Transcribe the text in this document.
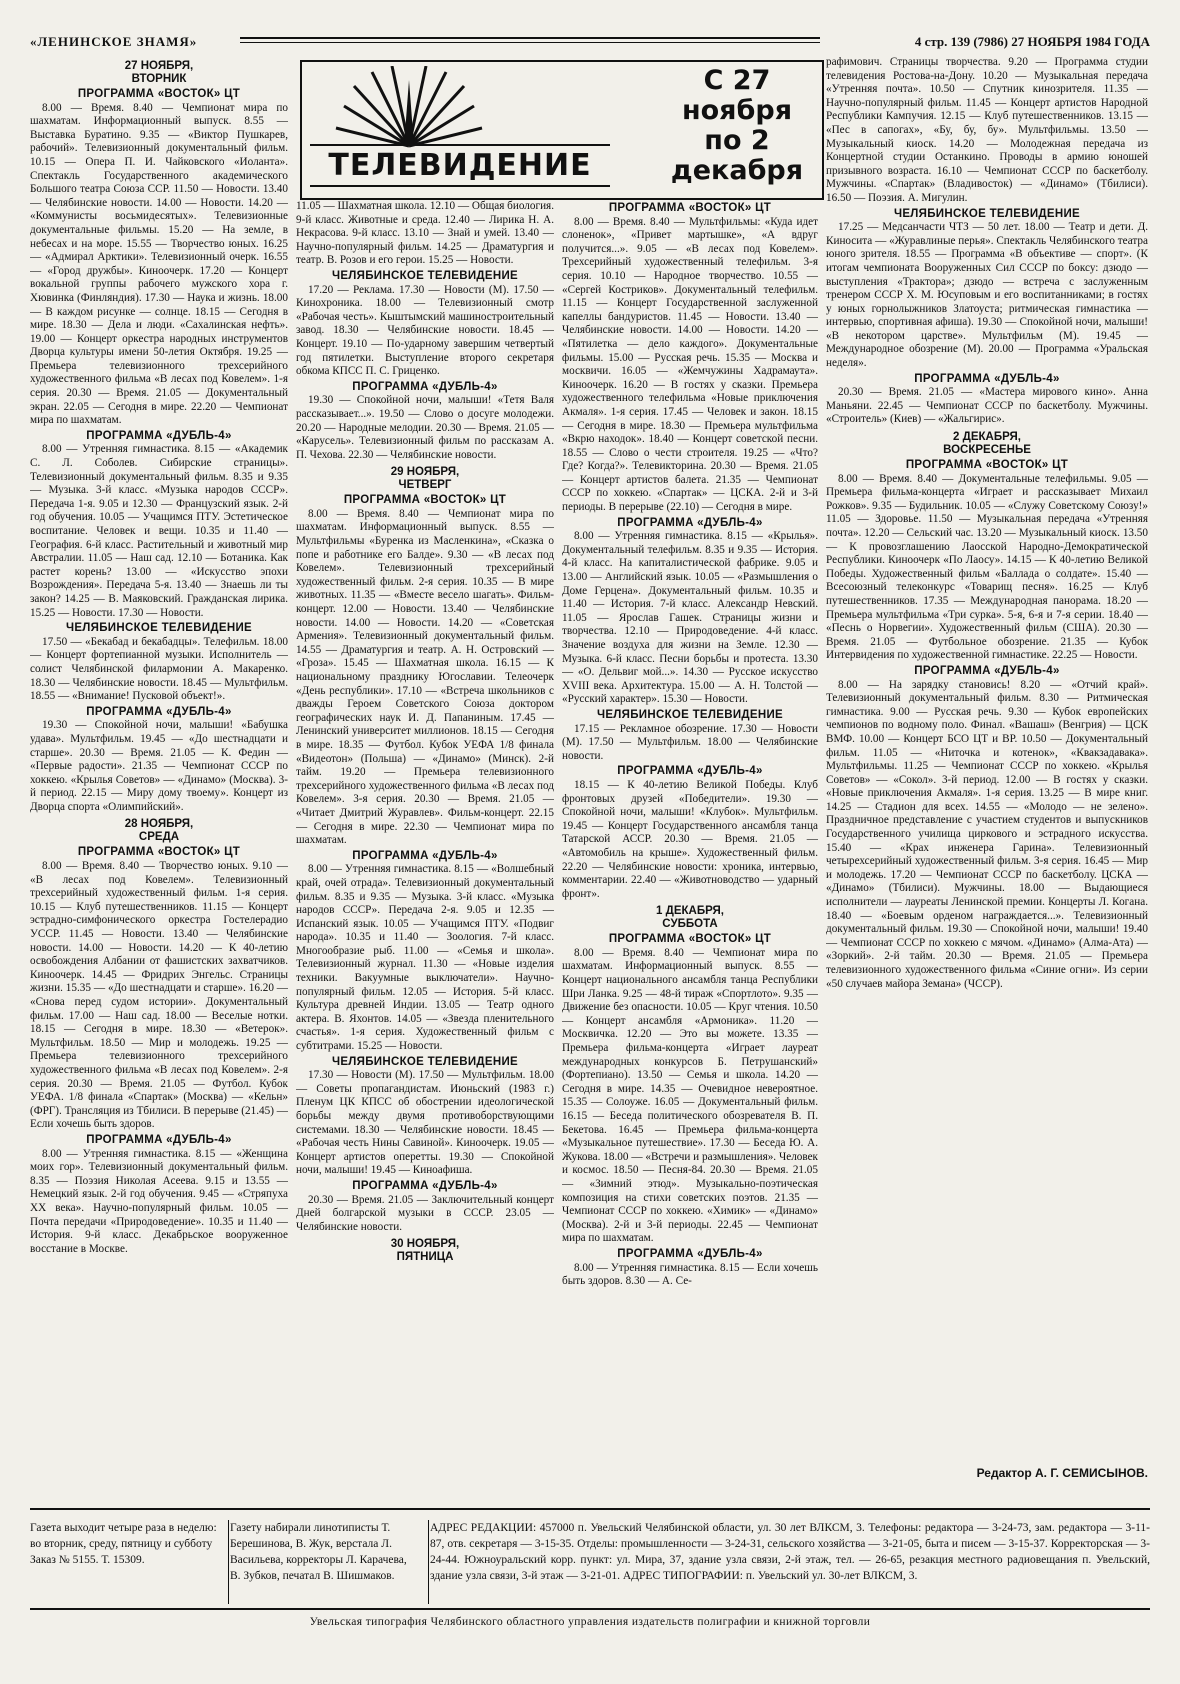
«ЛЕНИНСКОЕ ЗНАМЯ»	4 стр. 139 (7986) 27 НОЯБРЯ 1984 ГОДА
ТЕЛЕВИДЕНИЕ
С 27
ноября
по 2
декабря
27 НОЯБРЯ,
ВТОРНИК
ПРОГРАММА «ВОСТОК» ЦТ

8.00 — Время. 8.40 — Чемпионат мира по шахматам. Информационный выпуск. 8.55 — Выставка Буратино. 9.35 — «Виктор Пушкарев, рабочий». Телевизионный документальный фильм. 10.15 — Опера П. И. Чайковского «Иоланта». Спектакль Государственного академического Большого театра Союза ССР. 11.50 — Новости. 13.40 — Челябинские новости. 14.00 — Новости. 14.20 — «Коммунисты восьмидесятых». Телевизионные документальные фильмы. 15.20 — На земле, в небесах и на море. 15.55 — Творчество юных. 16.25 — «Адмирал Арктики». Телевизионный очерк. 16.55 — «Город дружбы». Киноочерк. 17.20 — Концерт вокальной группы рабочего мужского хора г. Хювинка (Финляндия). 17.30 — Наука и жизнь. 18.00 — В каждом рисунке — солнце. 18.15 — Сегодня в мире. 18.30 — Дела и люди. «Сахалинская нефть». 19.00 — Концерт оркестра народных инструментов Дворца культуры имени 50-летия Октября. 19.25 — Премьера телевизионного трехсерийного художественного фильма «В лесах под Ковелем». 1-я серия. 20.30 — Время. 21.05 — Документальный экран. 22.05 — Сегодня в мире. 22.20 — Чемпионат мира по шахматам.

ПРОГРАММА «ДУБЛЬ-4»

8.00 — Утренняя гимнастика. 8.15 — «Академик С. Л. Соболев. Сибирские страницы». Телевизионный документальный фильм. 8.35 и 9.35 — Музыка. 3-й класс. «Музыка народов СССР». Передача 1-я. 9.05 и 12.30 — Французский язык. 2-й год обучения. 10.05 — Учащимся ПТУ. Эстетическое воспитание. Человек и вещи. 10.35 и 11.40 — География. 6-й класс. Растительный и животный мир Австралии. 11.05 — Наш сад. 12.10 — Ботаника. Как растет корень? 13.00 — «Искусство эпохи Возрождения». Передача 5-я. 13.40 — Знаешь ли ты закон? 14.25 — В. Маяковский. Гражданская лирика. 15.25 — Новости. 17.30 — Новости.

ЧЕЛЯБИНСКОЕ ТЕЛЕВИДЕНИЕ

17.50 — «Бекабад и бекабадцы». Телефильм. 18.00 — Концерт фортепианной музыки. Исполнитель — солист Челябинской филармонии А. Макаренко. 18.30 — Челябинские новости. 18.45 — Мультфильм. 18.55 — «Внимание! Пусковой объект!».

ПРОГРАММА «ДУБЛЬ-4»

19.30 — Спокойной ночи, малыши! «Бабушка удава». Мультфильм. 19.45 — «До шестнадцати и старше». 20.30 — Время. 21.05 — К. Федин — «Первые радости». 21.35 — Чемпионат СССР по хоккею. «Крылья Советов» — «Динамо» (Москва). 3-й период. 22.15 — Миру дому твоему». Концерт из Дворца спорта «Олимпийский».

28 НОЯБРЯ,
СРЕДА
ПРОГРАММА «ВОСТОК» ЦТ

8.00 — Время. 8.40 — Творчество юных. 9.10 — «В лесах под Ковелем». Телевизионный трехсерийный художественный фильм. 1-я серия. 10.15 — Клуб путешественников. 11.15 — Концерт эстрадно-симфонического оркестра Гостелерадио УССР. 11.45 — Новости. 13.40 — Челябинские новости. 14.00 — Новости. 14.20 — К 40-летию освобождения Албании от фашистских захватчиков. Киноочерк. 14.45 — Фридрих Энгельс. Страницы жизни. 15.35 — «До шестнадцати и старше». 16.20 — «Снова перед судом истории». Документальный фильм. 17.00 — Наш сад. 18.00 — Веселые нотки. 18.15 — Сегодня в мире. 18.30 — «Ветерок». Мультфильм. 18.50 — Мир и молодежь. 19.25 — Премьера телевизионного трехсерийного художественного фильма «В лесах под Ковелем». 2-я серия. 20.30 — Время. 21.05 — Футбол. Кубок УЕФА. 1/8 финала «Спартак» (Москва) — «Кельн» (ФРГ). Трансляция из Тбилиси. В перерыве (21.45) — Если хочешь быть здоров.

ПРОГРАММА «ДУБЛЬ-4»

8.00 — Утренняя гимнастика. 8.15 — «Женщина моих гор». Телевизионный документальный фильм. 8.35 — Поэзия Николая Асеева. 9.15 и 13.55 — Немецкий язык. 2-й год обучения. 9.45 — «Стряпуха XX века». Научно-популярный фильм. 10.05 — Почта передачи «Природоведение». 10.35 и 11.40 — История. 9-й класс. Декабрьское вооруженное восстание в Москве.

11.05 — Шахматная школа. 12.10 — Общая биология. 9-й класс. Животные и среда. 12.40 — Лирика Н. А. Некрасова. 9-й класс. 13.10 — Знай и умей. 13.40 — Научно-популярный фильм. 14.25 — Драматургия и театр. В. Розов и его герои. 15.25 — Новости.

ЧЕЛЯБИНСКОЕ ТЕЛЕВИДЕНИЕ

17.20 — Реклама. 17.30 — Новости (М). 17.50 — Кинохроника. 18.00 — Телевизионный смотр «Рабочая честь». Кыштымский машиностроительный завод. 18.30 — Челябинские новости. 18.45 — Концерт. 19.10 — По-ударному завершим четвертый год пятилетки. Выступление второго секретаря обкома КПСС П. С. Гриценко.

ПРОГРАММА «ДУБЛЬ-4»

19.30 — Спокойной ночи, малыши! «Тетя Валя рассказывает...». 19.50 — Слово о досуге молодежи. 20.20 — Народные мелодии. 20.30 — Время. 21.05 — «Карусель». Телевизионный фильм по рассказам А. П. Чехова. 22.30 — Челябинские новости.

29 НОЯБРЯ,
ЧЕТВЕРГ
ПРОГРАММА «ВОСТОК» ЦТ

8.00 — Время. 8.40 — Чемпионат мира по шахматам. Информационный выпуск. 8.55 — Мультфильмы «Буренка из Масленкина», «Сказка о попе и работнике его Балде». 9.30 — «В лесах под Ковелем». Телевизионный трехсерийный художественный фильм. 2-я серия. 10.35 — В мире животных. 11.35 — «Вместе весело шагать». Фильм-концерт. 12.00 — Новости. 13.40 — Челябинские новости. 14.00 — Новости. 14.20 — «Советская Армения». Телевизионный документальный фильм. 14.55 — Драматургия и театр. А. Н. Островский — «Гроза». 15.45 — Шахматная школа. 16.15 — К национальному празднику Югославии. Телеочерк «День республики». 17.10 — «Встреча школьников с дважды Героем Советского Союза доктором географических наук И. Д. Папаниным. 17.45 — Ленинский университет миллионов. 18.15 — Сегодня в мире. 18.35 — Футбол. Кубок УЕФА 1/8 финала «Видеотон» (Польша) — «Динамо» (Минск). 2-й тайм. 19.20 — Премьера телевизионного трехсерийного художественного фильма «В лесах под Ковелем». 3-я серия. 20.30 — Время. 21.05 — «Читает Дмитрий Журавлев». Фильм-концерт. 22.15 — Сегодня в мире. 22.30 — Чемпионат мира по шахматам.

ПРОГРАММА «ДУБЛЬ-4»

8.00 — Утренняя гимнастика. 8.15 — «Волшебный край, очей отрада». Телевизионный документальный фильм. 8.35 и 9.35 — Музыка. 3-й класс. «Музыка народов СССР». Передача 2-я. 9.05 и 12.35 — Испанский язык. 10.05 — Учащимся ПТУ. «Подвиг народа». 10.35 и 11.40 — Зоология. 7-й класс. Многообразие рыб. 11.00 — «Семья и школа». Телевизионный журнал. 11.30 — «Новые изделия техники. Вакуумные выключатели». Научно-популярный фильм. 12.05 — История. 5-й класс. Культура древней Индии. 13.05 — Театр одного актера. В. Яхонтов. 14.05 — «Звезда пленительного счастья». 1-я серия. Художественный фильм с субтитрами. 15.25 — Новости.

ЧЕЛЯБИНСКОЕ ТЕЛЕВИДЕНИЕ

17.30 — Новости (М). 17.50 — Мультфильм. 18.00 — Советы пропагандистам. Июньский (1983 г.) Пленум ЦК КПСС об обострении идеологической борьбы между двумя противоборствующими системами. 18.30 — Челябинские новости. 18.45 — «Рабочая честь Нины Савиной». Киноочерк. 19.05 — Концерт артистов оперетты. 19.30 — Спокойной ночи, малыши! 19.45 — Киноафиша.

ПРОГРАММА «ДУБЛЬ-4»

20.30 — Время. 21.05 — Заключительный концерт Дней болгарской музыки в СССР. 23.05 — Челябинские новости.

30 НОЯБРЯ,
ПЯТНИЦА
ПРОГРАММА «ВОСТОК» ЦТ

8.00 — Время. 8.40 — Мультфильмы: «Куда идет слоненок», «Привет мартышке», «А вдруг получится...». 9.05 — «В лесах под Ковелем». Трехсерийный художественный телефильм. 3-я серия. 10.10 — Народное творчество. 10.55 — «Сергей Костриков». Документальный телефильм. 11.15 — Концерт Государственной заслуженной капеллы бандуристов. 11.45 — Новости. 13.40 — Челябинские новости. 14.00 — Новости. 14.20 — «Пятилетка — дело каждого». Документальные фильмы. 15.00 — Русская речь. 15.35 — Москва и москвичи. 16.05 — «Жемчужины Хадрамаута». Киноочерк. 16.20 — В гостях у сказки. Премьера художественного телефильма «Новые приключения Акмаля». 1-я серия. 17.45 — Человек и закон. 18.15 — Сегодня в мире. 18.30 — Премьера мультфильма «Вкрю находок». 18.40 — Концерт советской песни. 18.55 — Слово о чести строителя. 19.25 — «Что? Где? Когда?». Телевикторина. 20.30 — Время. 21.05 — Концерт артистов балета. 21.35 — Чемпионат СССР по хоккею. «Спартак» — ЦСКА. 2-й и 3-й периоды. В перерыве (22.10) — Сегодня в мире.

ПРОГРАММА «ДУБЛЬ-4»

8.00 — Утренняя гимнастика. 8.15 — «Крылья». Документальный телефильм. 8.35 и 9.35 — История. 4-й класс. На капиталистической фабрике. 9.05 и 13.00 — Английский язык. 10.05 — «Размышления о Доме Герцена». Документальный фильм. 10.35 и 11.40 — История. 7-й класс. Александр Невский. 11.05 — Ярослав Гашек. Страницы жизни и творчества. 12.10 — Природоведение. 4-й класс. Значение воздуха для жизни на Земле. 12.30 — Музыка. 6-й класс. Песни борьбы и протеста. 13.30 — «О. Дельвиг мой...». 14.30 — Русское искусство XVIII века. Архитектура. 15.00 — А. Н. Толстой — «Русский характер». 15.30 — Новости.

ЧЕЛЯБИНСКОЕ ТЕЛЕВИДЕНИЕ

17.15 — Рекламное обозрение. 17.30 — Новости (М). 17.50 — Мультфильм. 18.00 — Челябинские новости.

ПРОГРАММА «ДУБЛЬ-4»

18.15 — К 40-летию Великой Победы. Клуб фронтовых друзей «Победители». 19.30 — Спокойной ночи, малыши! «Клубок». Мультфильм. 19.45 — Концерт Государственного ансамбля танца Татарской АССР. 20.30 — Время. 21.05 — «Автомобиль на крыше». Художественный фильм. 22.20 — Челябинские новости: хроника, интервью, комментарии. 22.40 — «Животноводство — ударный фронт».

1 ДЕКАБРЯ,
СУББОТА
ПРОГРАММА «ВОСТОК» ЦТ

8.00 — Время. 8.40 — Чемпионат мира по шахматам. Информационный выпуск. 8.55 — Концерт национального ансамбля танца Республики Шри Ланка. 9.25 — 48-й тираж «Спортлото». 9.35 — Движение без опасности. 10.05 — Круг чтения. 10.50 — Концерт ансамбля «Армоника». 11.20 — Москвичка. 12.20 — Это вы можете. 13.35 — Премьера фильма-концерта «Играет лауреат международных конкурсов Б. Петрушанский» (Фортепиано). 13.50 — Семья и школа. 14.20 — Сегодня в мире. 14.35 — Очевидное невероятное. 15.35 — Солоуже. 16.05 — Документальный фильм. 16.15 — Беседа политического обозревателя В. П. Бекетова. 16.45 — Премьера фильма-концерта «Музыкальное путешествие». 17.30 — Беседа Ю. А. Жукова. 18.00 — «Встречи и размышления». Человек и космос. 18.50 — Песня-84. 20.30 — Время. 21.05 — «Зимний этюд». Музыкально-поэтическая композиция на стихи советских поэтов. 21.35 — Чемпионат СССР по хоккею. «Химик» — «Динамо» (Москва). 2-й и 3-й периоды. 22.45 — Чемпионат мира по шахматам.

ПРОГРАММА «ДУБЛЬ-4»

8.00 — Утренняя гимнастика. 8.15 — Если хочешь быть здоров. 8.30 — А. Се-

рафимович. Страницы творчества. 9.20 — Программа студии телевидения Ростова-на-Дону. 10.20 — Музыкальная передача «Утренняя почта». 10.50 — Спутник кинозрителя. 11.35 — Научно-популярный фильм. 11.45 — Концерт артистов Народной Республики Кампучия. 12.15 — Клуб путешественников. 13.15 — «Пес в сапогах», «Бу, бу, бу». Мультфильмы. 13.50 — Музыкальный киоск. 14.20 — Молодежная передача из Концертной студии Останкино. Проводы в армию юношей призывного возраста. 16.10 — Чемпионат СССР по баскетболу. Мужчины. «Спартак» (Владивосток) — «Динамо» (Тбилиси). 16.50 — Поэзия. А. Мигулин.

ЧЕЛЯБИНСКОЕ ТЕЛЕВИДЕНИЕ

17.25 — Медсанчасти ЧТЗ — 50 лет. 18.00 — Театр и дети. Д. Киносита — «Журавлиные перья». Спектакль Челябинского театра юного зрителя. 18.55 — Программа «В объективе — спорт». (К итогам чемпионата Вооруженных Сил СССР по боксу: дзюдо — выступления «Трактора»; дзюдо — встреча с заслуженным тренером СССР Х. М. Юсуповым и его воспитанниками; в гостях у юных горнолыжников Златоуста; ритмическая гимнастика — интервью, спортивная афиша). 19.30 — Спокойной ночи, малыши! «В некотором царстве». Мультфильм (М). 19.45 — Международное обозрение (М). 20.00 — Программа «Уральская неделя».

ПРОГРАММА «ДУБЛЬ-4»

20.30 — Время. 21.05 — «Мастера мирового кино». Анна Маньяни. 22.45 — Чемпионат СССР по баскетболу. Мужчины. «Строитель» (Киев) — «Жальгирис».

2 ДЕКАБРЯ,
ВОСКРЕСЕНЬЕ
ПРОГРАММА «ВОСТОК» ЦТ

8.00 — Время. 8.40 — Документальные телефильмы. 9.05 — Премьера фильма-концерта «Играет и рассказывает Михаил Рожков». 9.35 — Будильник. 10.05 — «Служу Советскому Союзу!» 11.05 — Здоровье. 11.50 — Музыкальная передача «Утренняя почта». 12.20 — Сельский час. 13.20 — Музыкальный киоск. 13.50 — К провозглашению Лаосской Народно-Демократической Республики. Киноочерк «По Лаосу». 14.15 — К 40-летию Великой Победы. Художественный фильм «Баллада о солдате». 15.40 — Всесоюзный телеконкурс «Товарищ песня». 16.25 — Клуб путешественников. 17.35 — Международная панорама. 18.20 — Премьера мультфильма «Три сурка». 5-я, 6-я и 7-я серии. 18.40 — «Песнь о Норвегии». Художественный фильм (США). 20.30 — Время. 21.05 — Футбольное обозрение. 21.35 — Кубок Интервидения по художественной гимнастике. 22.25 — Новости.

ПРОГРАММА «ДУБЛЬ-4»

8.00 — На зарядку становись! 8.20 — «Отчий край». Телевизионный документальный фильм. 8.30 — Ритмическая гимнастика. 9.00 — Русская речь. 9.30 — Кубок европейских чемпионов по водному поло. Финал. «Вашаш» (Венгрия) — ЦСК ВМФ. 10.00 — Концерт БСО ЦТ и ВР. 10.50 — Документальный фильм. 11.05 — «Ниточка и котенок», «Квакзадавака». Мультфильмы. 11.25 — Чемпионат СССР по хоккею. «Крылья Советов» — «Сокол». 3-й период. 12.00 — В гостях у сказки. «Новые приключения Акмаля». 1-я серия. 13.25 — В мире книг. 14.25 — Стадион для всех. 14.55 — «Молодо — не зелено». Праздничное представление с участием студентов и выпускников Государственного училища циркового и эстрадного искусства. 15.40 — «Крах инженера Гарина». Телевизионный четырехсерийный художественный фильм. 3-я серия. 16.45 — Мир и молодежь. 17.20 — Чемпионат СССР по баскетболу. ЦСКА — «Динамо» (Тбилиси). Мужчины. 18.00 — Выдающиеся исполнители — лауреаты Ленинской премии. Концерты Л. Когана. 18.40 — «Боевым орденом награждается...». Телевизионный документальный фильм. 19.30 — Спокойной ночи, малыши! 19.40 — Чемпионат СССР по хоккею с мячом. «Динамо» (Алма-Ата) — «Зоркий». 2-й тайм. 20.30 — Время. 21.05 — Премьера телевизионного художественного фильма «Синие огни». Из серии «50 случаев майора Земана» (ЧССР).

Редактор А. Г. СЕМИСЫНОВ.

Газета выходит четыре раза в неделю: во вторник, среду, пятницу и субботу

Заказ № 5155. Т. 15309.

Газету набирали линотиписты Т. Берешинова, В. Жук, верстала Л. Васильева, корректоры Л. Карачева, В. Зубков, печатал В. Шишмаков.

АДРЕС РЕДАКЦИИ: 457000 п. Увельский Челябинской области, ул. 30 лет ВЛКСМ, 3. Телефоны: редактора — 3-24-73, зам. редактора — 3-11-87, отв. секретаря — 3-15-35. Отделы: промышленности — 3-24-31, сельского хозяйства — 3-21-05, быта и писем — 3-15-37. Корректорская — 3-24-44. Южноуральский корр. пункт: ул. Мира, 37, здание узла связи, 2-й этаж, тел. — 26-65, резакция местного радиовещания п. Увельский, здание узла связи, 3-й этаж — 3-21-01. АДРЕС ТИПОГРАФИИ: п. Увельский ул. 30-лет ВЛКСМ, 3.

Увельская типография Челябинского областного управления издательств полиграфии и книжной торговли
